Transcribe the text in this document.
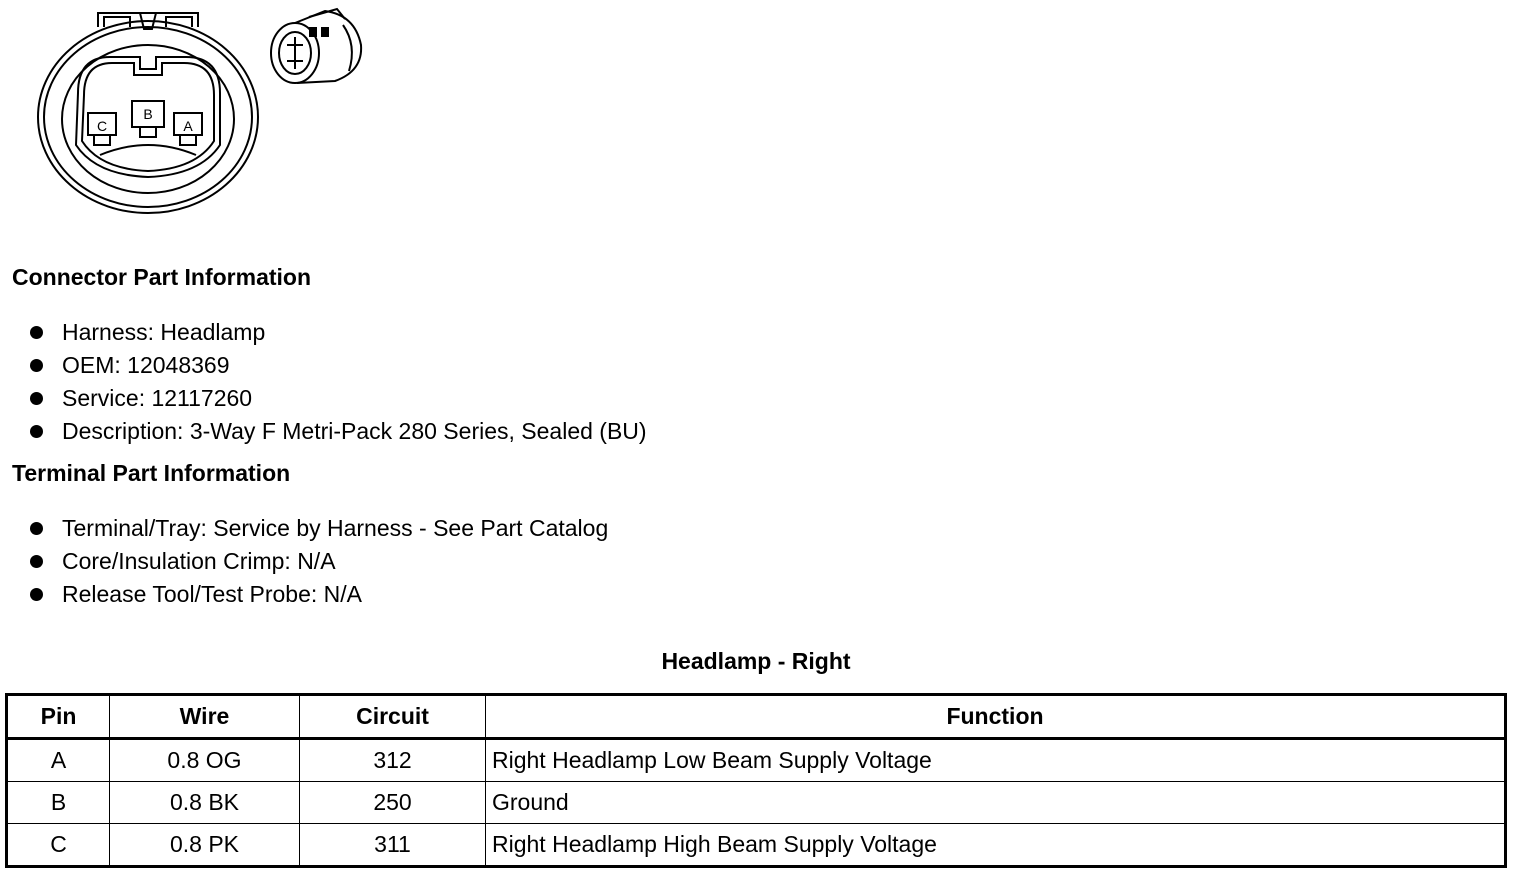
C
B
A
Connector Part Information
Harness: Headlamp
OEM: 12048369
Service: 12117260
Description: 3-Way F Metri-Pack 280 Series, Sealed (BU)
Terminal Part Information
Terminal/Tray: Service by Harness - See Part Catalog
Core/Insulation Crimp: N/A
Release Tool/Test Probe: N/A
Headlamp - Right
Pin	Wire	Circuit	Function
A	0.8 OG	312	Right Headlamp Low Beam Supply Voltage
B	0.8 BK	250	Ground
C	0.8 PK	311	Right Headlamp High Beam Supply Voltage
